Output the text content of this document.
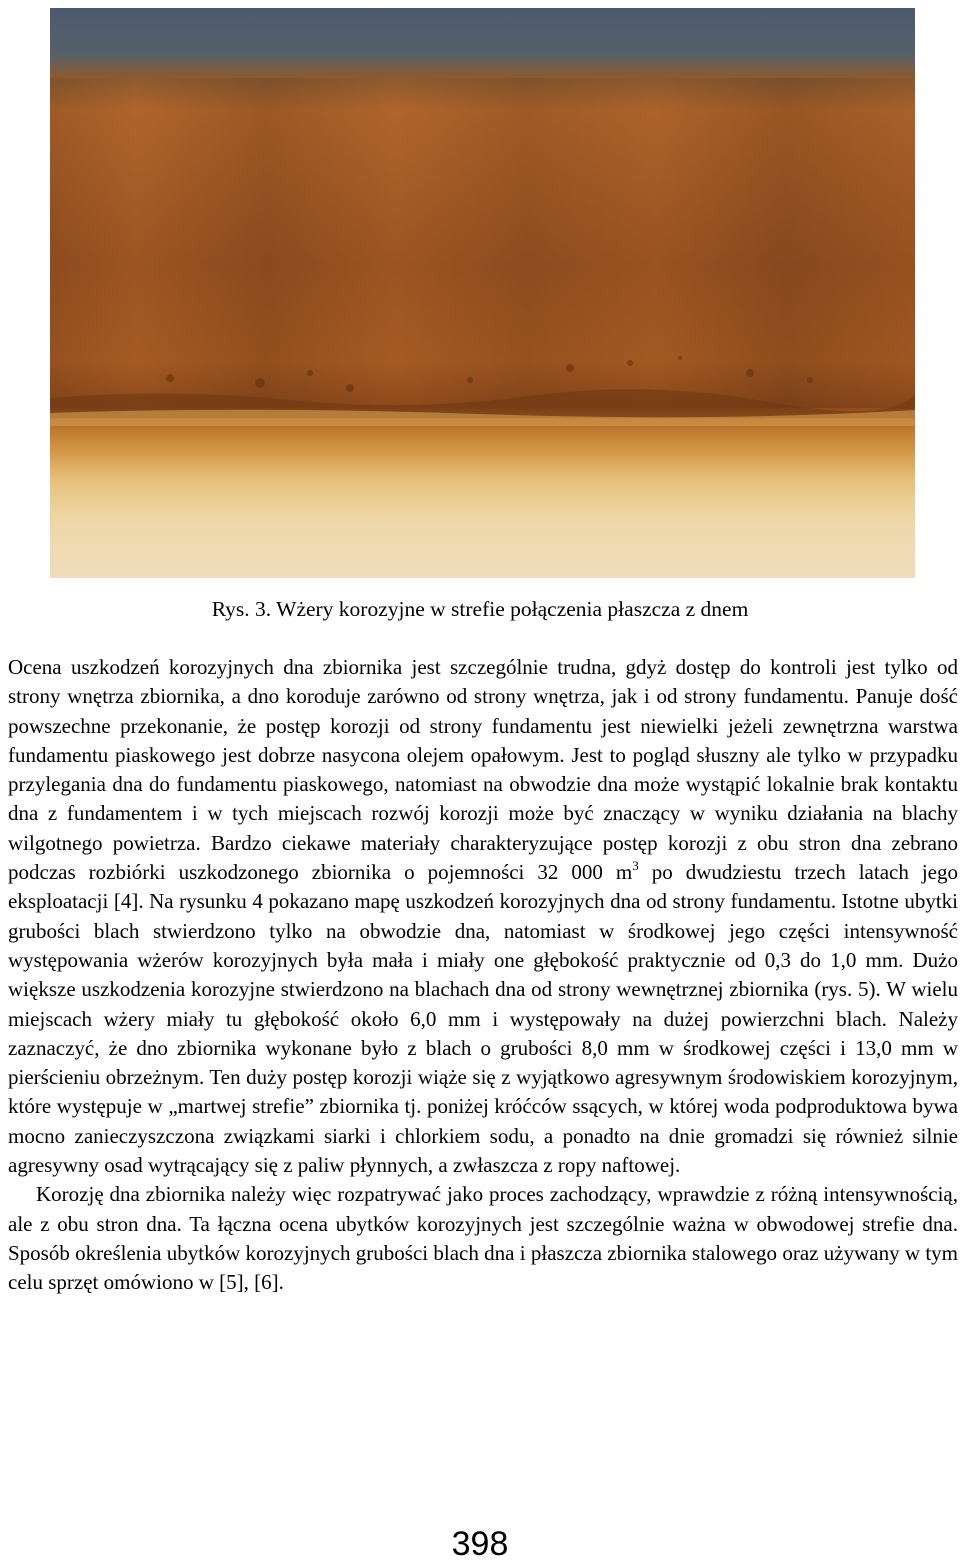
Rys. 3. Wżery korozyjne w strefie połączenia płaszcza z dnem

Ocena uszkodzeń korozyjnych dna zbiornika jest szczególnie trudna, gdyż dostęp do kontroli jest tylko od strony wnętrza zbiornika, a dno koroduje zarówno od strony wnętrza, jak i od strony fundamentu. Panuje dość powszechne przekonanie, że postęp korozji od strony fundamentu jest niewielki jeżeli zewnętrzna warstwa fundamentu piaskowego jest dobrze nasycona olejem opałowym. Jest to pogląd słuszny ale tylko w przypadku przylegania dna do fundamentu piaskowego, natomiast na obwodzie dna może wystąpić lokalnie brak kontaktu dna z fundamentem i w tych miejscach rozwój korozji może być znaczący w wyniku działania na blachy wilgotnego powietrza. Bardzo ciekawe materiały charakteryzujące postęp korozji z obu stron dna zebrano podczas rozbiórki uszkodzonego zbiornika o pojemności 32 000 $m^3$ po dwudziestu trzech latach jego eksploatacji [4]. Na rysunku 4 pokazano mapę uszkodzeń korozyjnych dna od strony fundamentu. Istotne ubytki grubości blach stwierdzono tylko na obwodzie dna, natomiast w środkowej jego części intensywność występowania wżerów korozyjnych była mała i miały one głębokość praktycznie od 0,3 do 1,0 mm. Dużo większe uszkodzenia korozyjne stwierdzono na blachach dna od strony wewnętrznej zbiornika (rys. 5). W wielu miejscach wżery miały tu głębokość około 6,0 mm i występowały na dużej powierzchni blach. Należy zaznaczyć, że dno zbiornika wykonane było z blach o grubości 8,0 mm w środkowej części i 13,0 mm w pierścieniu obrzeżnym. Ten duży postęp korozji wiąże się z wyjątkowo agresywnym środowiskiem korozyjnym, które występuje w „martwej strefie” zbiornika tj. poniżej króćców ssących, w której woda podproduktowa bywa mocno zanieczyszczona związkami siarki i chlorkiem sodu, a ponadto na dnie gromadzi się również silnie agresywny osad wytrącający się z paliw płynnych, a zwłaszcza z ropy naftowej.

Korozję dna zbiornika należy więc rozpatrywać jako proces zachodzący, wprawdzie z różną intensywnością, ale z obu stron dna. Ta łączna ocena ubytków korozyjnych jest szczególnie ważna w obwodowej strefie dna. Sposób określenia ubytków korozyjnych grubości blach dna i płaszcza zbiornika stalowego oraz używany w tym celu sprzęt omówiono w [5], [6].

398
